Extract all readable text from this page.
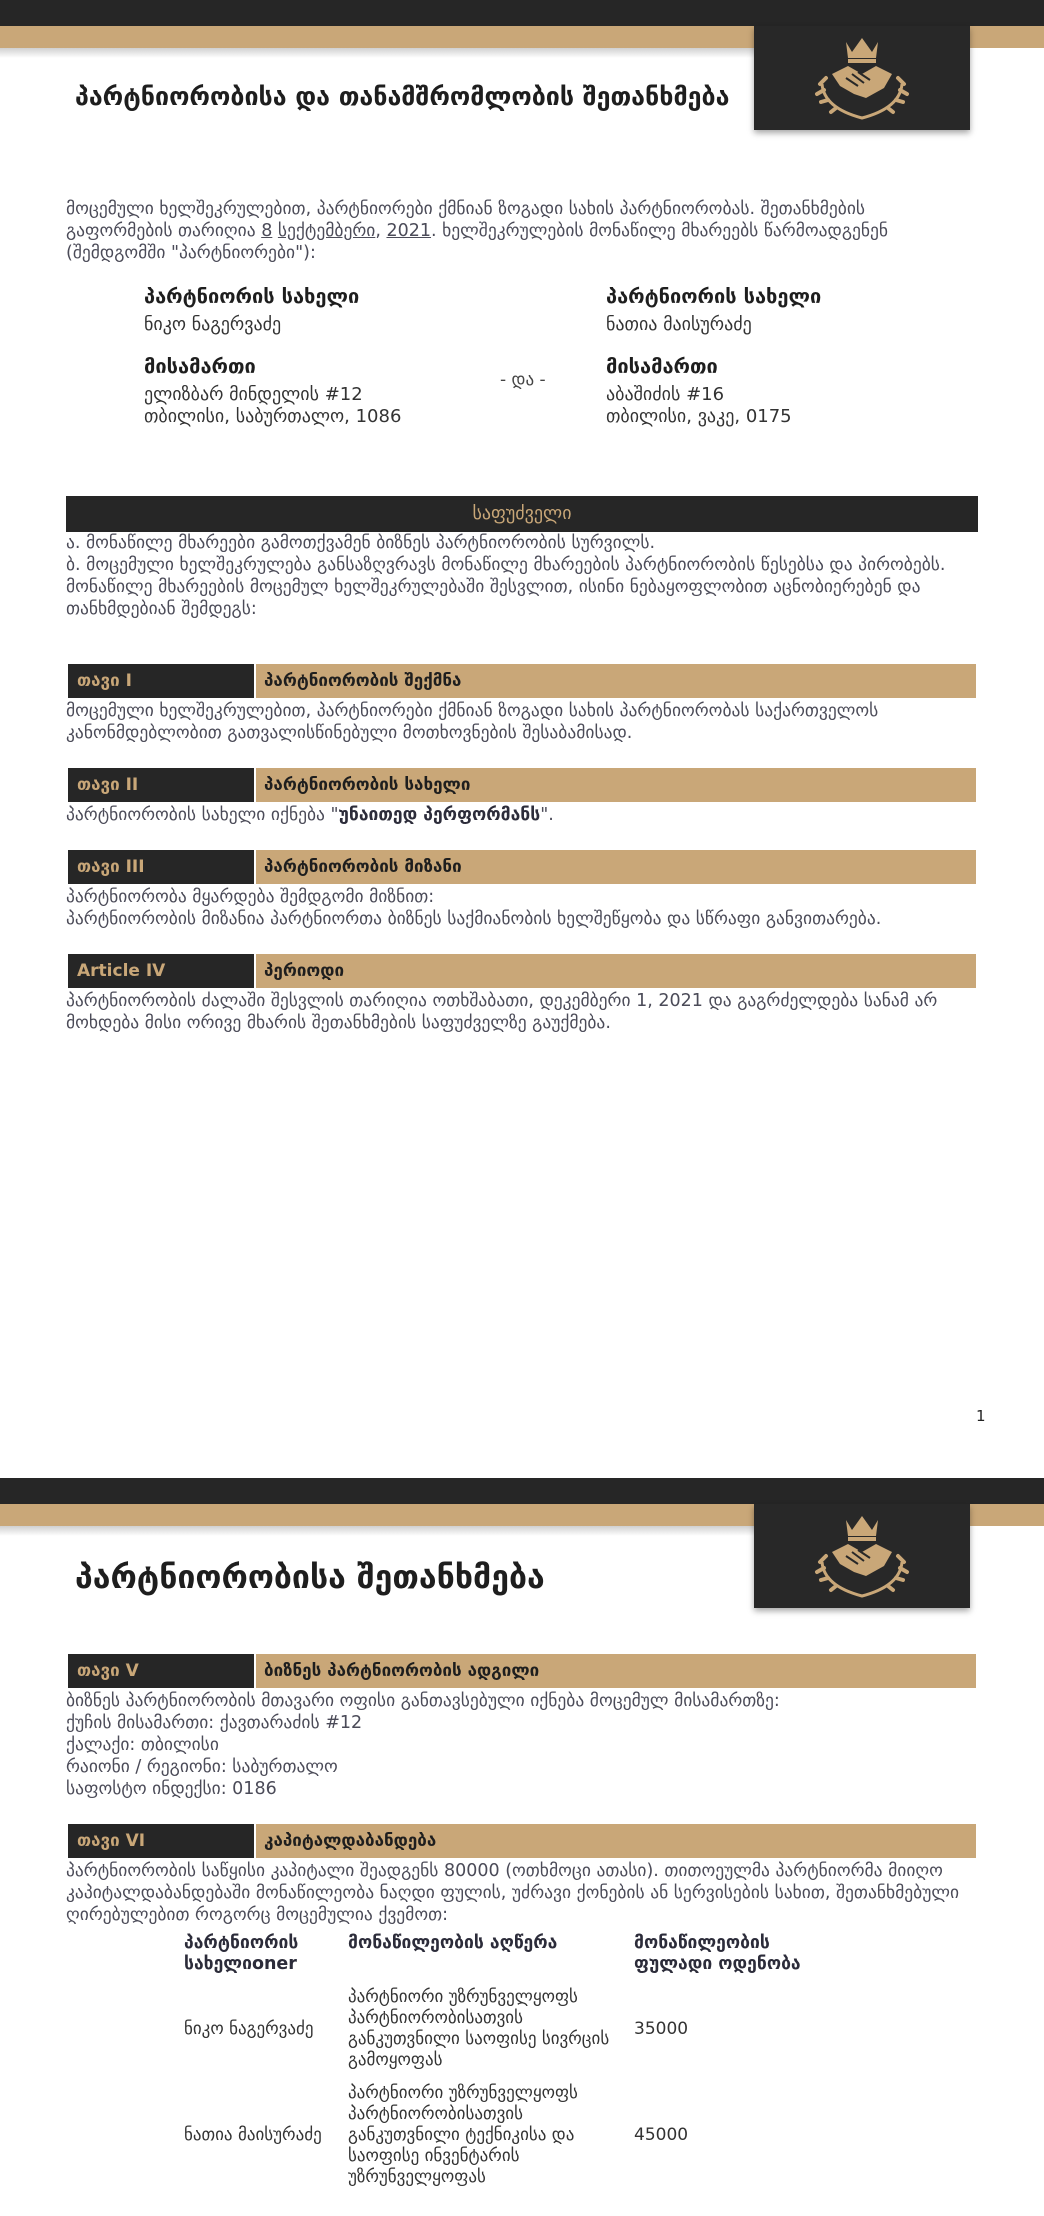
პარტნიორობისა და თანამშრომლობის შეთანხმება
მოცემული ხელშეკრულებით, პარტნიორები ქმნიან ზოგადი სახის პარტნიორობას. შეთანხმების გაფორმების თარიღია 8 სექტემბერი, 2021. ხელშეკრულების მონაწილე მხარეებს წარმოადგენენ (შემდგომში "პარტნიორები"):
პარტნიორის სახელი
ნიკო ნაგერვაძე
მისამართი
ელიზბარ მინდელის #12
თბილისი, საბურთალო, 1086
- და -
პარტნიორის სახელი
ნათია მაისურაძე
მისამართი
აბაშიძის #16
თბილისი, ვაკე, 0175
საფუძველი

ა. მონაწილე მხარეები გამოთქვამენ ბიზნეს პარტნიორობის სურვილს.

ბ. მოცემული ხელშეკრულება განსაზღვრავს მონაწილე მხარეების პარტნიორობის წესებსა და პირობებს.

მონაწილე მხარეების მოცემულ ხელშეკრულებაში შესვლით, ისინი ნებაყოფლობით აცნობიერებენ და თანხმდებიან შემდეგს:

თავი I	პარტნიორობის შექმნა
მოცემული ხელშეკრულებით, პარტნიორები ქმნიან ზოგადი სახის პარტნიორობას საქართველოს კანონმდებლობით გათვალისწინებული მოთხოვნების შესაბამისად.
თავი II	პარტნიორობის სახელი
პარტნიორობის სახელი იქნება "უნაითედ პერფორმანს".
თავი III	პარტნიორობის მიზანი

პარტნიორობა მყარდება შემდგომი მიზნით:

პარტნიორობის მიზანია პარტნიორთა ბიზნეს საქმიანობის ხელშეწყობა და სწრაფი განვითარება.

Article IV	პერიოდი
პარტნიორობის ძალაში შესვლის თარიღია ოთხშაბათი, დეკემბერი 1, 2021 და გაგრძელდება სანამ არ მოხდება მისი ორივე მხარის შეთანხმების საფუძველზე გაუქმება.
1
პარტნიორობისა შეთანხმება
თავი V	ბიზნეს პარტნიორობის ადგილი

ბიზნეს პარტნიორობის მთავარი ოფისი განთავსებული იქნება მოცემულ მისამართზე:

ქუჩის მისამართი: ქავთარაძის #12

ქალაქი: თბილისი

რაიონი / რეგიონი: საბურთალო

საფოსტო ინდექსი: 0186

თავი VI	კაპიტალდაბანდება
პარტნიორობის საწყისი კაპიტალი შეადგენს 80000 (ოთხმოცი ათასი). თითოეულმა პარტნიორმა მიიღო კაპიტალდაბანდებაში მონაწილეობა ნაღდი ფულის, უძრავი ქონების ან სერვისების სახით, შეთანხმებული ღირებულებით როგორც მოცემულია ქვემოთ:
პარტნიორის სახელიoner	მონაწილეობის აღწერა	მონაწილეობის ფულადი ოდენობა
ნიკო ნაგერვაძე	პარტნიორი უზრუნველყოფს პარტნიორობისათვის განკუთვნილი საოფისე სივრცის გამოყოფას	35000
ნათია მაისურაძე	პარტნიორი უზრუნველყოფს პარტნიორობისათვის განკუთვნილი ტექნიკისა და საოფისე ინვენტარის უზრუნველყოფას	45000
